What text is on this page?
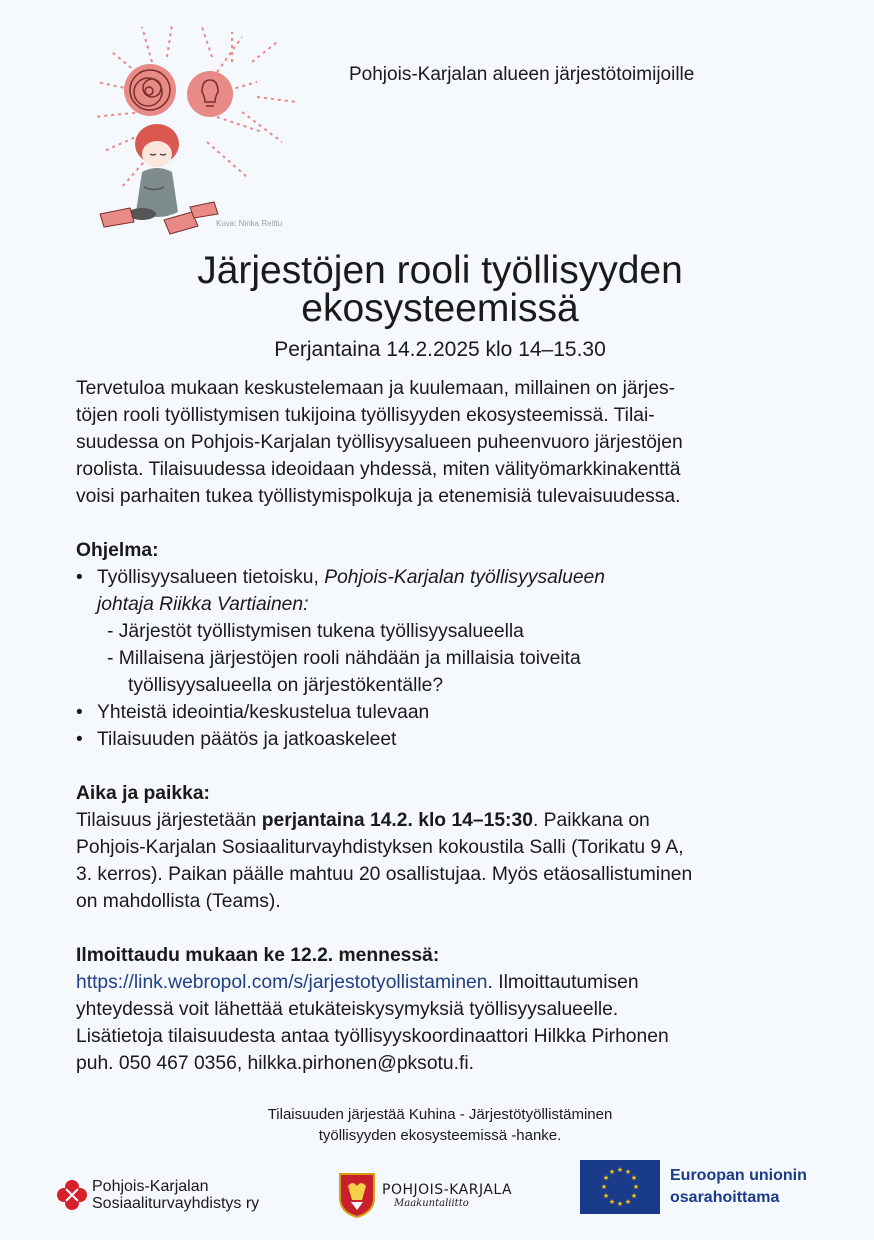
Kuva: Ninka Reittu
Pohjois-Karjalan alueen järjestötoimijoille
Järjestöjen rooli työllisyyden
ekosysteemissä
Perjantaina 14.2.2025 klo 14–15.30

Tervetuloa mukaan keskustelemaan ja kuulemaan, millainen on järjes-

töjen rooli työllistymisen tukijoina työllisyyden ekosysteemissä. Tilai-

suudessa on Pohjois-Karjalan työllisyysalueen puheenvuoro järjestöjen

roolista. Tilaisuudessa ideoidaan yhdessä, miten välityömarkkinakenttä

voisi parhaiten tukea työllistymispolkuja ja etenemisiä tulevaisuudessa.

Ohjelma:

• Työllisyysalueen tietoisku, Pohjois-Karjalan työllisyysalueen

johtaja Riikka Vartiainen:

- Järjestöt työllistymisen tukena työllisyysalueella

- Millaisena järjestöjen rooli nähdään ja millaisia toiveita

työllisyysalueella on järjestökentälle?

• Yhteistä ideointia/keskustelua tulevaan

• Tilaisuuden päätös ja jatkoaskeleet

Aika ja paikka:

Tilaisuus järjestetään perjantaina 14.2. klo 14–15:30. Paikkana on

Pohjois-Karjalan Sosiaaliturvayhdistyksen kokoustila Salli (Torikatu 9 A,

3. kerros). Paikan päälle mahtuu 20 osallistujaa. Myös etäosallistuminen

on mahdollista (Teams).

Ilmoittaudu mukaan ke 12.2. mennessä:

https://link.webropol.com/s/jarjestotyollistaminen. Ilmoittautumisen

yhteydessä voit lähettää etukäteiskysymyksiä työllisyysalueelle.

Lisätietoja tilaisuudesta antaa työllisyyskoordinaattori Hilkka Pirhonen

puh. 050 467 0356, hilkka.pirhonen@pksotu.fi.

Tilaisuuden järjestää Kuhina - Järjestötyöllistäminen
työllisyyden ekosysteemissä -hanke.
Pohjois-Karjalan
Sosiaaliturvayhdistys ry
POHJOIS-KARJALA
Maakuntaliitto
★ ★
★
★
★
★
★
★
★
★
★
★	Euroopan unionin
osarahoittama
